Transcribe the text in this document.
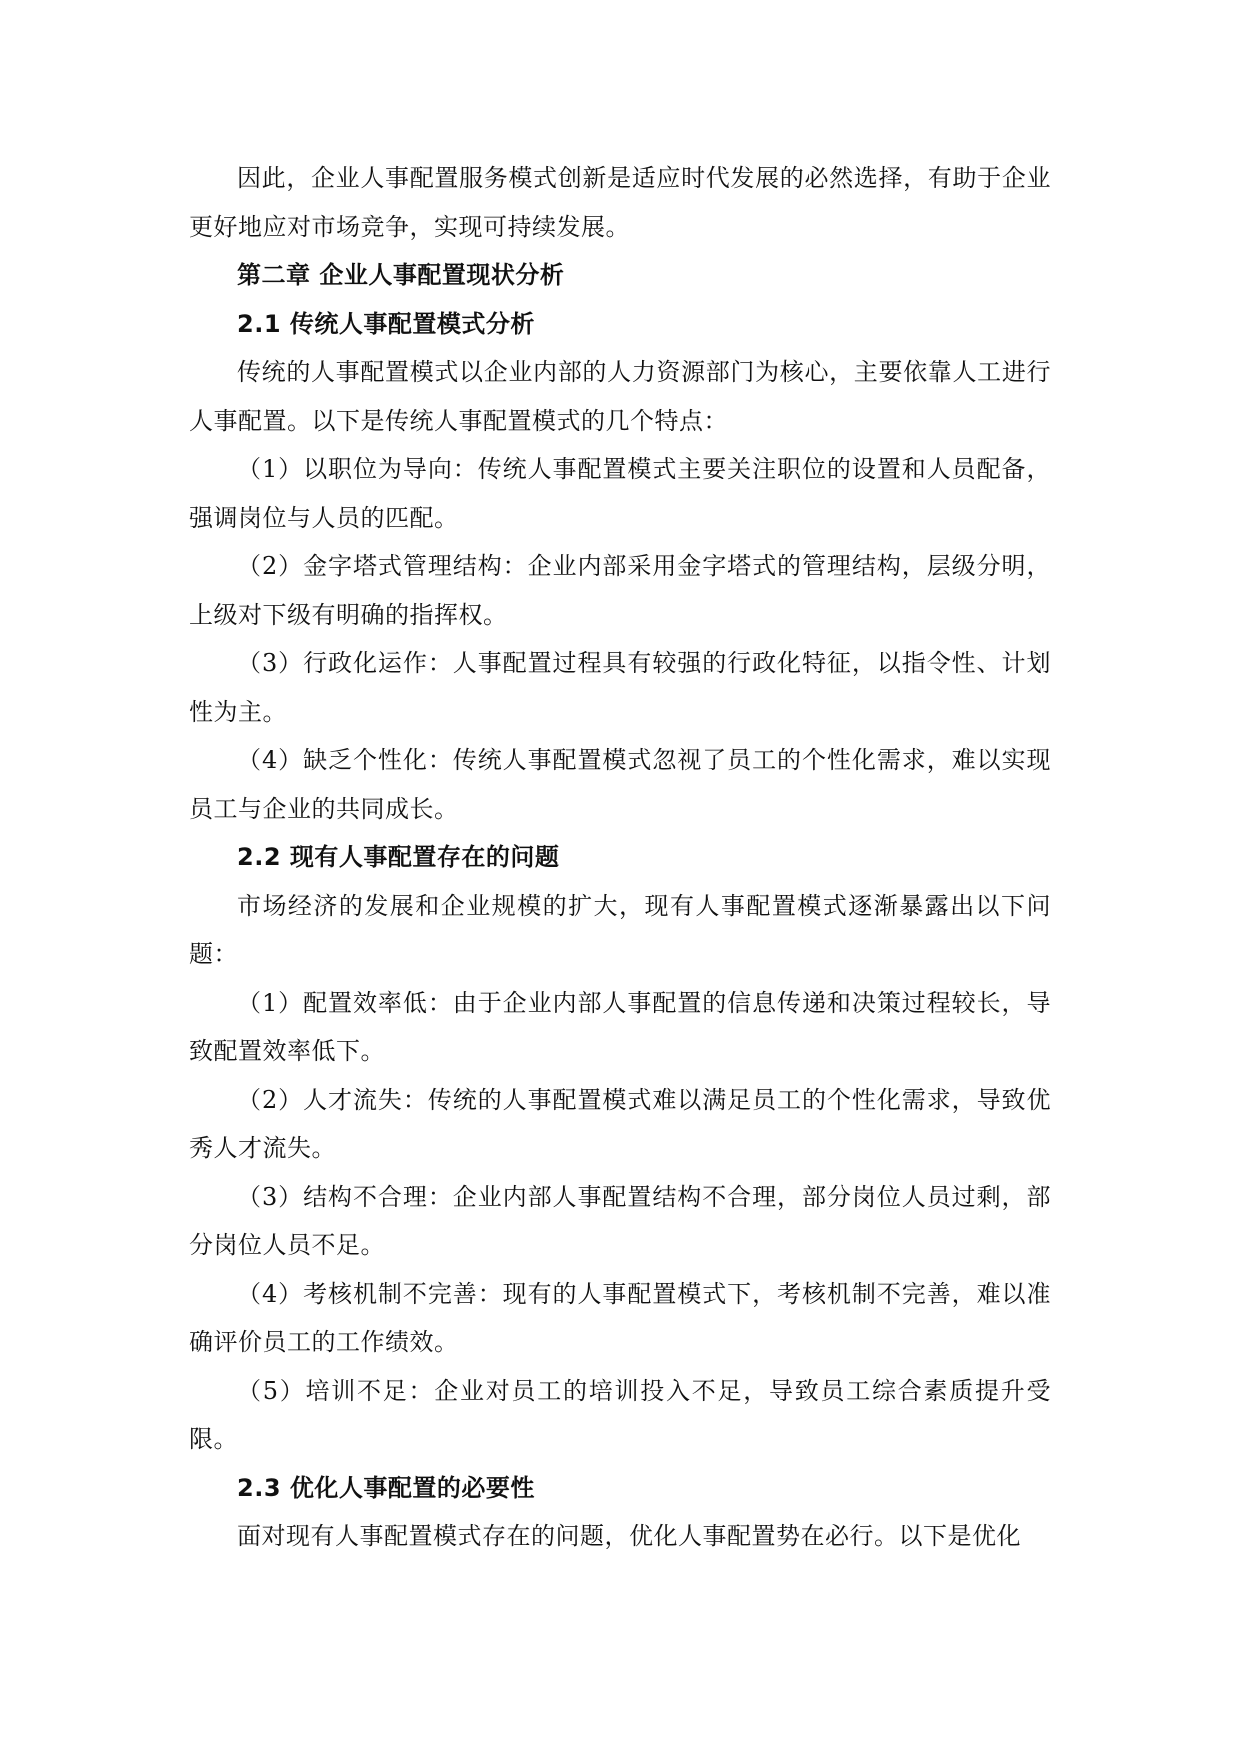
因此，企业人事配置服务模式创新是适应时代发展的必然选择，有助于企业更好地应对市场竞争，实现可持续发展。

第二章 企业人事配置现状分析

2.1 传统人事配置模式分析

传统的人事配置模式以企业内部的人力资源部门为核心，主要依靠人工进行人事配置。以下是传统人事配置模式的几个特点：

（1）以职位为导向：传统人事配置模式主要关注职位的设置和人员配备，强调岗位与人员的匹配。

（2）金字塔式管理结构：企业内部采用金字塔式的管理结构，层级分明，上级对下级有明确的指挥权。

（3）行政化运作：人事配置过程具有较强的行政化特征，以指令性、计划性为主。

（4）缺乏个性化：传统人事配置模式忽视了员工的个性化需求，难以实现员工与企业的共同成长。

2.2 现有人事配置存在的问题

市场经济的发展和企业规模的扩大，现有人事配置模式逐渐暴露出以下问题：

（1）配置效率低：由于企业内部人事配置的信息传递和决策过程较长，导致配置效率低下。

（2）人才流失：传统的人事配置模式难以满足员工的个性化需求，导致优秀人才流失。

（3）结构不合理：企业内部人事配置结构不合理，部分岗位人员过剩，部分岗位人员不足。

（4）考核机制不完善：现有的人事配置模式下，考核机制不完善，难以准确评价员工的工作绩效。

（5）培训不足：企业对员工的培训投入不足，导致员工综合素质提升受限。

2.3 优化人事配置的必要性

面对现有人事配置模式存在的问题，优化人事配置势在必行。以下是优化
